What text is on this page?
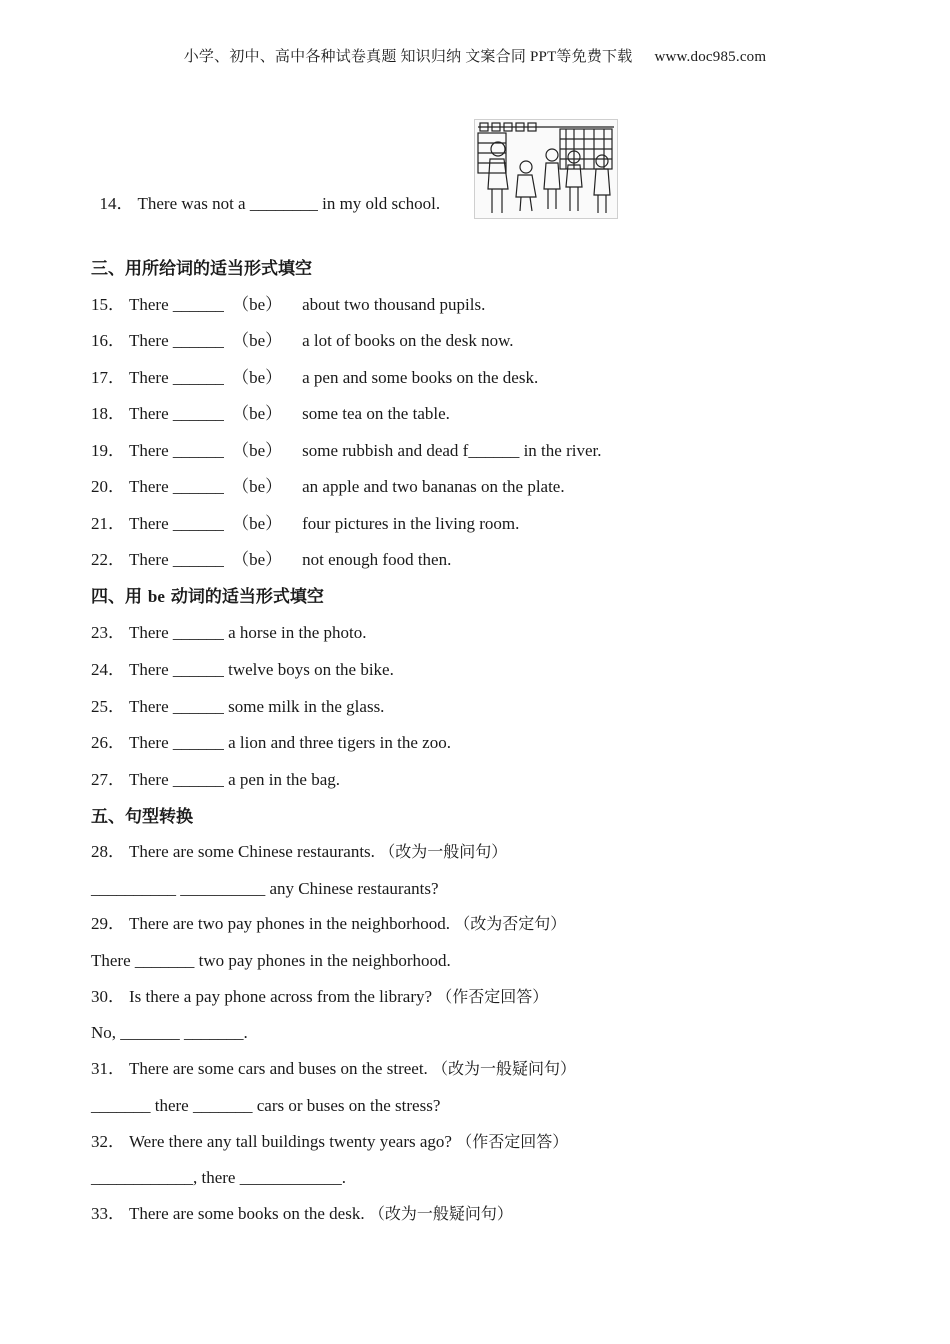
小学、初中、高中各种试卷真题 知识归纳 文案合同 PPT等免费下载 www.doc985.com

14． There was not a ________ in my old school.

三、用所给词的适当形式填空
15． There ______ （be） about two thousand pupils.
16． There ______ （be） a lot of books on the desk now.
17． There ______ （be） a pen and some books on the desk.
18． There ______ （be） some tea on the table.
19． There ______ （be） some rubbish and dead f______ in the river.
20． There ______ （be） an apple and two bananas on the plate.
21． There ______ （be） four pictures in the living room.
22． There ______ （be） not enough food then.
四、用 be 动词的适当形式填空
23． There ______ a horse in the photo.
24． There ______ twelve boys on the bike.
25． There ______ some milk in the glass.
26． There ______ a lion and three tigers in the zoo.
27． There ______ a pen in the bag.
五、句型转换
28． There are some Chinese restaurants. （改为一般问句）
__________ __________ any Chinese restaurants?
29． There are two pay phones in the neighborhood. （改为否定句）
There _______ two pay phones in the neighborhood.
30． Is there a pay phone across from the library? （作否定回答）
No, _______ _______.
31． There are some cars and buses on the street. （改为一般疑问句）
_______ there _______ cars or buses on the stress?
32． Were there any tall buildings twenty years ago? （作否定回答）
____________, there ____________.
33． There are some books on the desk. （改为一般疑问句）
